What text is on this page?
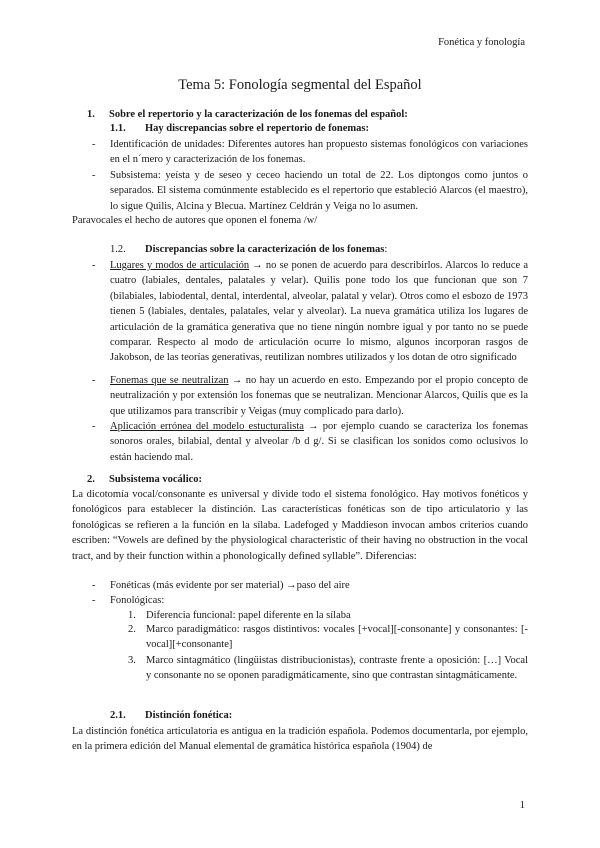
Fonética y fonología
Tema 5: Fonología segmental del Español
1. Sobre el repertorio y la caracterización de los fonemas del español:
1.1. Hay discrepancias sobre el repertorio de fonemas:
- Identificación de unidades: Diferentes autores han propuesto sistemas fonológicos con variaciones en el n´mero y caracterización de los fonemas.
- Subsistema: yeísta y de seseo y ceceo haciendo un total de 22. Los diptongos como juntos o separados. El sistema comúnmente establecido es el repertorio que estableció Alarcos (el maestro), lo sigue Quilis, Alcina y Blecua. Martínez Celdrán y Veiga no lo asumen.
Paravocales el hecho de autores que oponen el fonema /w/
1.2. Discrepancias sobre la caracterización de los fonemas:
- Lugares y modos de articulación → no se ponen de acuerdo para describirlos. Alarcos lo reduce a cuatro (labiales, dentales, palatales y velar). Quilis pone todo los que funcionan que son 7 (bilabiales, labiodental, dental, interdental, alveolar, palatal y velar). Otros como el esbozo de 1973 tienen 5 (labiales, dentales, palatales, velar y alveolar). La nueva gramática utiliza los lugares de articulación de la gramática generativa que no tiene ningún nombre igual y por tanto no se puede comparar. Respecto al modo de articulación ocurre lo mismo, algunos incorporan rasgos de Jakobson, de las teorías generativas, reutilizan nombres utilizados y los dotan de otro significado
- Fonemas que se neutralizan → no hay un acuerdo en esto. Empezando por el propio concepto de neutralización y por extensión los fonemas que se neutralizan. Mencionar Alarcos, Quilis que es la que utilizamos para transcribir y Veigas (muy complicado para darlo).
- Aplicación errónea del modelo estucturalista → por ejemplo cuando se caracteriza los fonemas sonoros orales, bilabial, dental y alveolar /b d g/. Si se clasifican los sonidos como oclusivos lo están haciendo mal.
2. Subsistema vocálico:
La dicotomía vocal/consonante es universal y divide todo el sistema fonológico. Hay motivos fonéticos y fonológicos para establecer la distinción. Las características fonéticas son de tipo articulatorio y las fonológicas se refieren a la función en la sílaba. Ladefoged y Maddieson invocan ambos criterios cuando escriben: “Vowels are defined by the physiological characteristic of their having no obstruction in the vocal tract, and by their function within a phonologically defined syllable”. Diferencias:
- Fonéticas (más evidente por ser material) →paso del aire
- Fonológicas:
1. Diferencia funcional: papel diferente en la sílaba
2. Marco paradigmático: rasgos distintivos: vocales [+vocal][-consonante] y consonantes: [-vocal][+consonante]
3. Marco sintagmático (lingüistas distribucionistas), contraste frente a oposición: […] Vocal y consonante no se oponen paradigmáticamente, sino que contrastan sintagmáticamente.
2.1. Distinción fonética:
La distinción fonética articulatoria es antigua en la tradición española. Podemos documentarla, por ejemplo, en la primera edición del Manual elemental de gramática histórica española (1904) de
1
